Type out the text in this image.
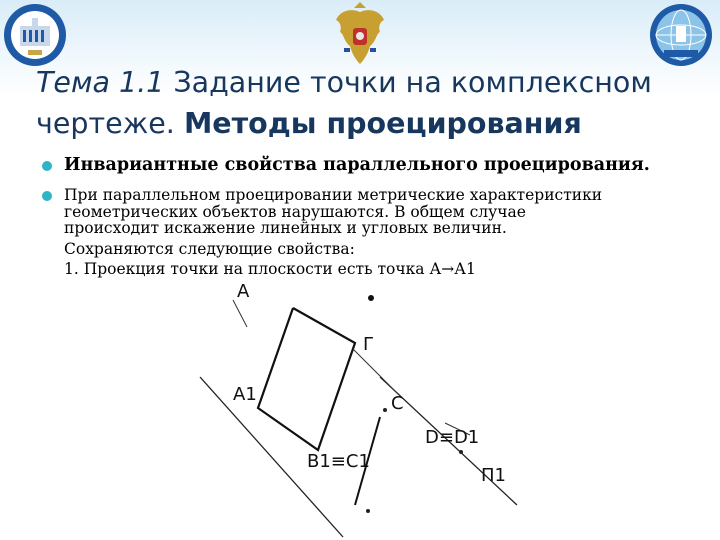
Тема 1.1 Задание точки на комплексном чертеже. Методы проецирования
Инвариантные свойства параллельного проецирования.
При параллельном проецировании метрические характеристики
геометрических объектов нарушаются. В общем случае
происходит искажение линейных и угловых величин.
Сохраняются следующие свойства:
1. Проекция точки на плоскости есть точка А→А1
A1
B1≡C1
C
D≡D1
П1
Г
A
